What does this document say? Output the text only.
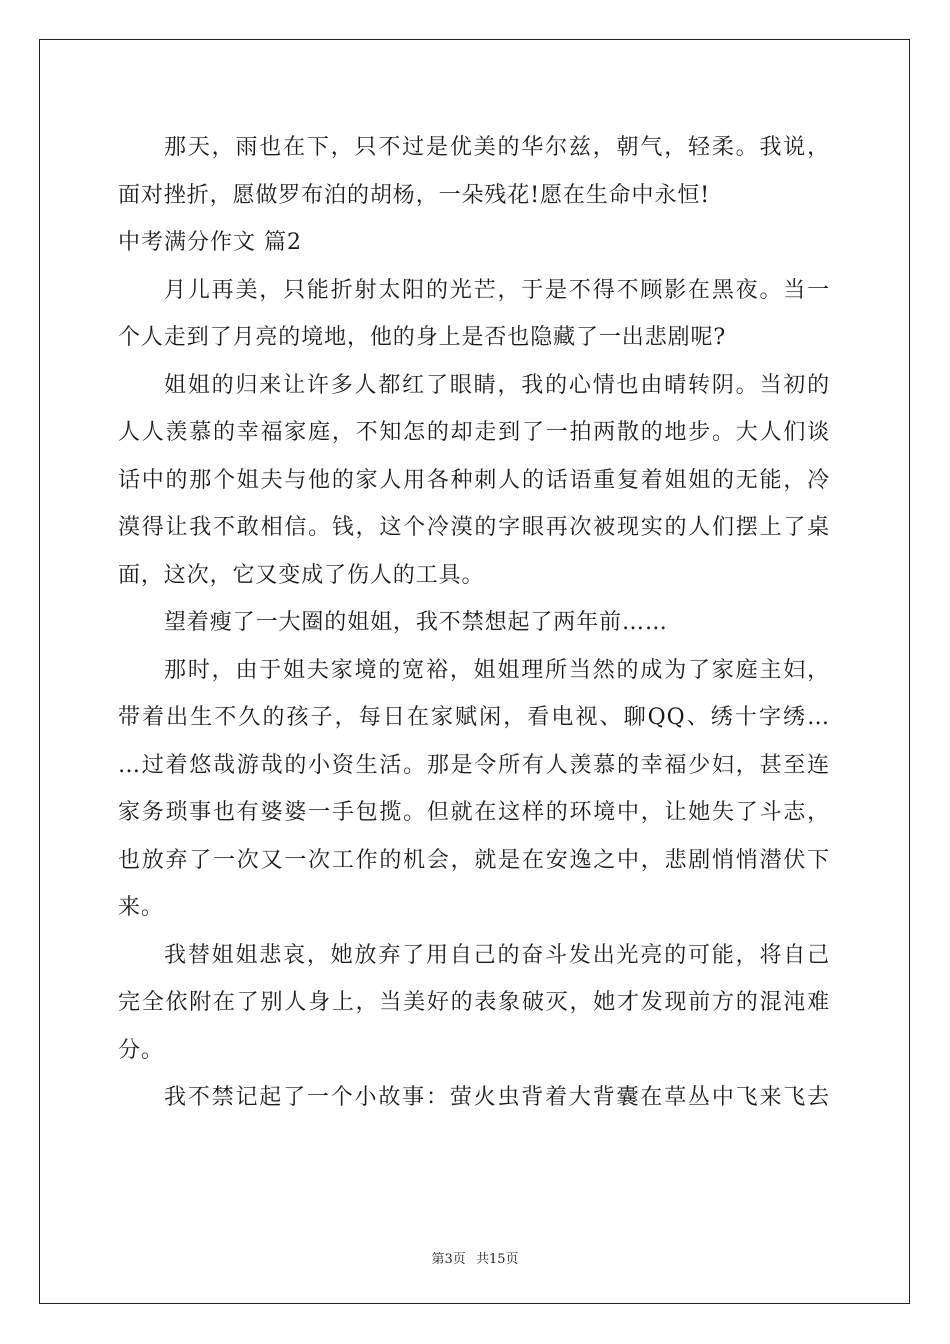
那天，雨也在下，只不过是优美的华尔兹，朝气，轻柔。我说，
面对挫折，愿做罗布泊的胡杨，一朵残花!愿在生命中永恒!
中考满分作文 篇2
月儿再美，只能折射太阳的光芒，于是不得不顾影在黑夜。当一
个人走到了月亮的境地，他的身上是否也隐藏了一出悲剧呢?
姐姐的归来让许多人都红了眼睛，我的心情也由晴转阴。当初的
人人羡慕的幸福家庭，不知怎的却走到了一拍两散的地步。大人们谈
话中的那个姐夫与他的家人用各种刺人的话语重复着姐姐的无能，冷
漠得让我不敢相信。钱，这个冷漠的字眼再次被现实的人们摆上了桌
面，这次，它又变成了伤人的工具。
望着瘦了一大圈的姐姐，我不禁想起了两年前……
那时，由于姐夫家境的宽裕，姐姐理所当然的成为了家庭主妇，
带着出生不久的孩子，每日在家赋闲，看电视、聊QQ、绣十字绣…
…过着悠哉游哉的小资生活。那是令所有人羡慕的幸福少妇，甚至连
家务琐事也有婆婆一手包揽。但就在这样的环境中，让她失了斗志，
也放弃了一次又一次工作的机会，就是在安逸之中，悲剧悄悄潜伏下
来。
我替姐姐悲哀，她放弃了用自己的奋斗发出光亮的可能，将自己
完全依附在了别人身上，当美好的表象破灭，她才发现前方的混沌难
分。
我不禁记起了一个小故事：萤火虫背着大背囊在草丛中飞来飞去
第3页 共15页
